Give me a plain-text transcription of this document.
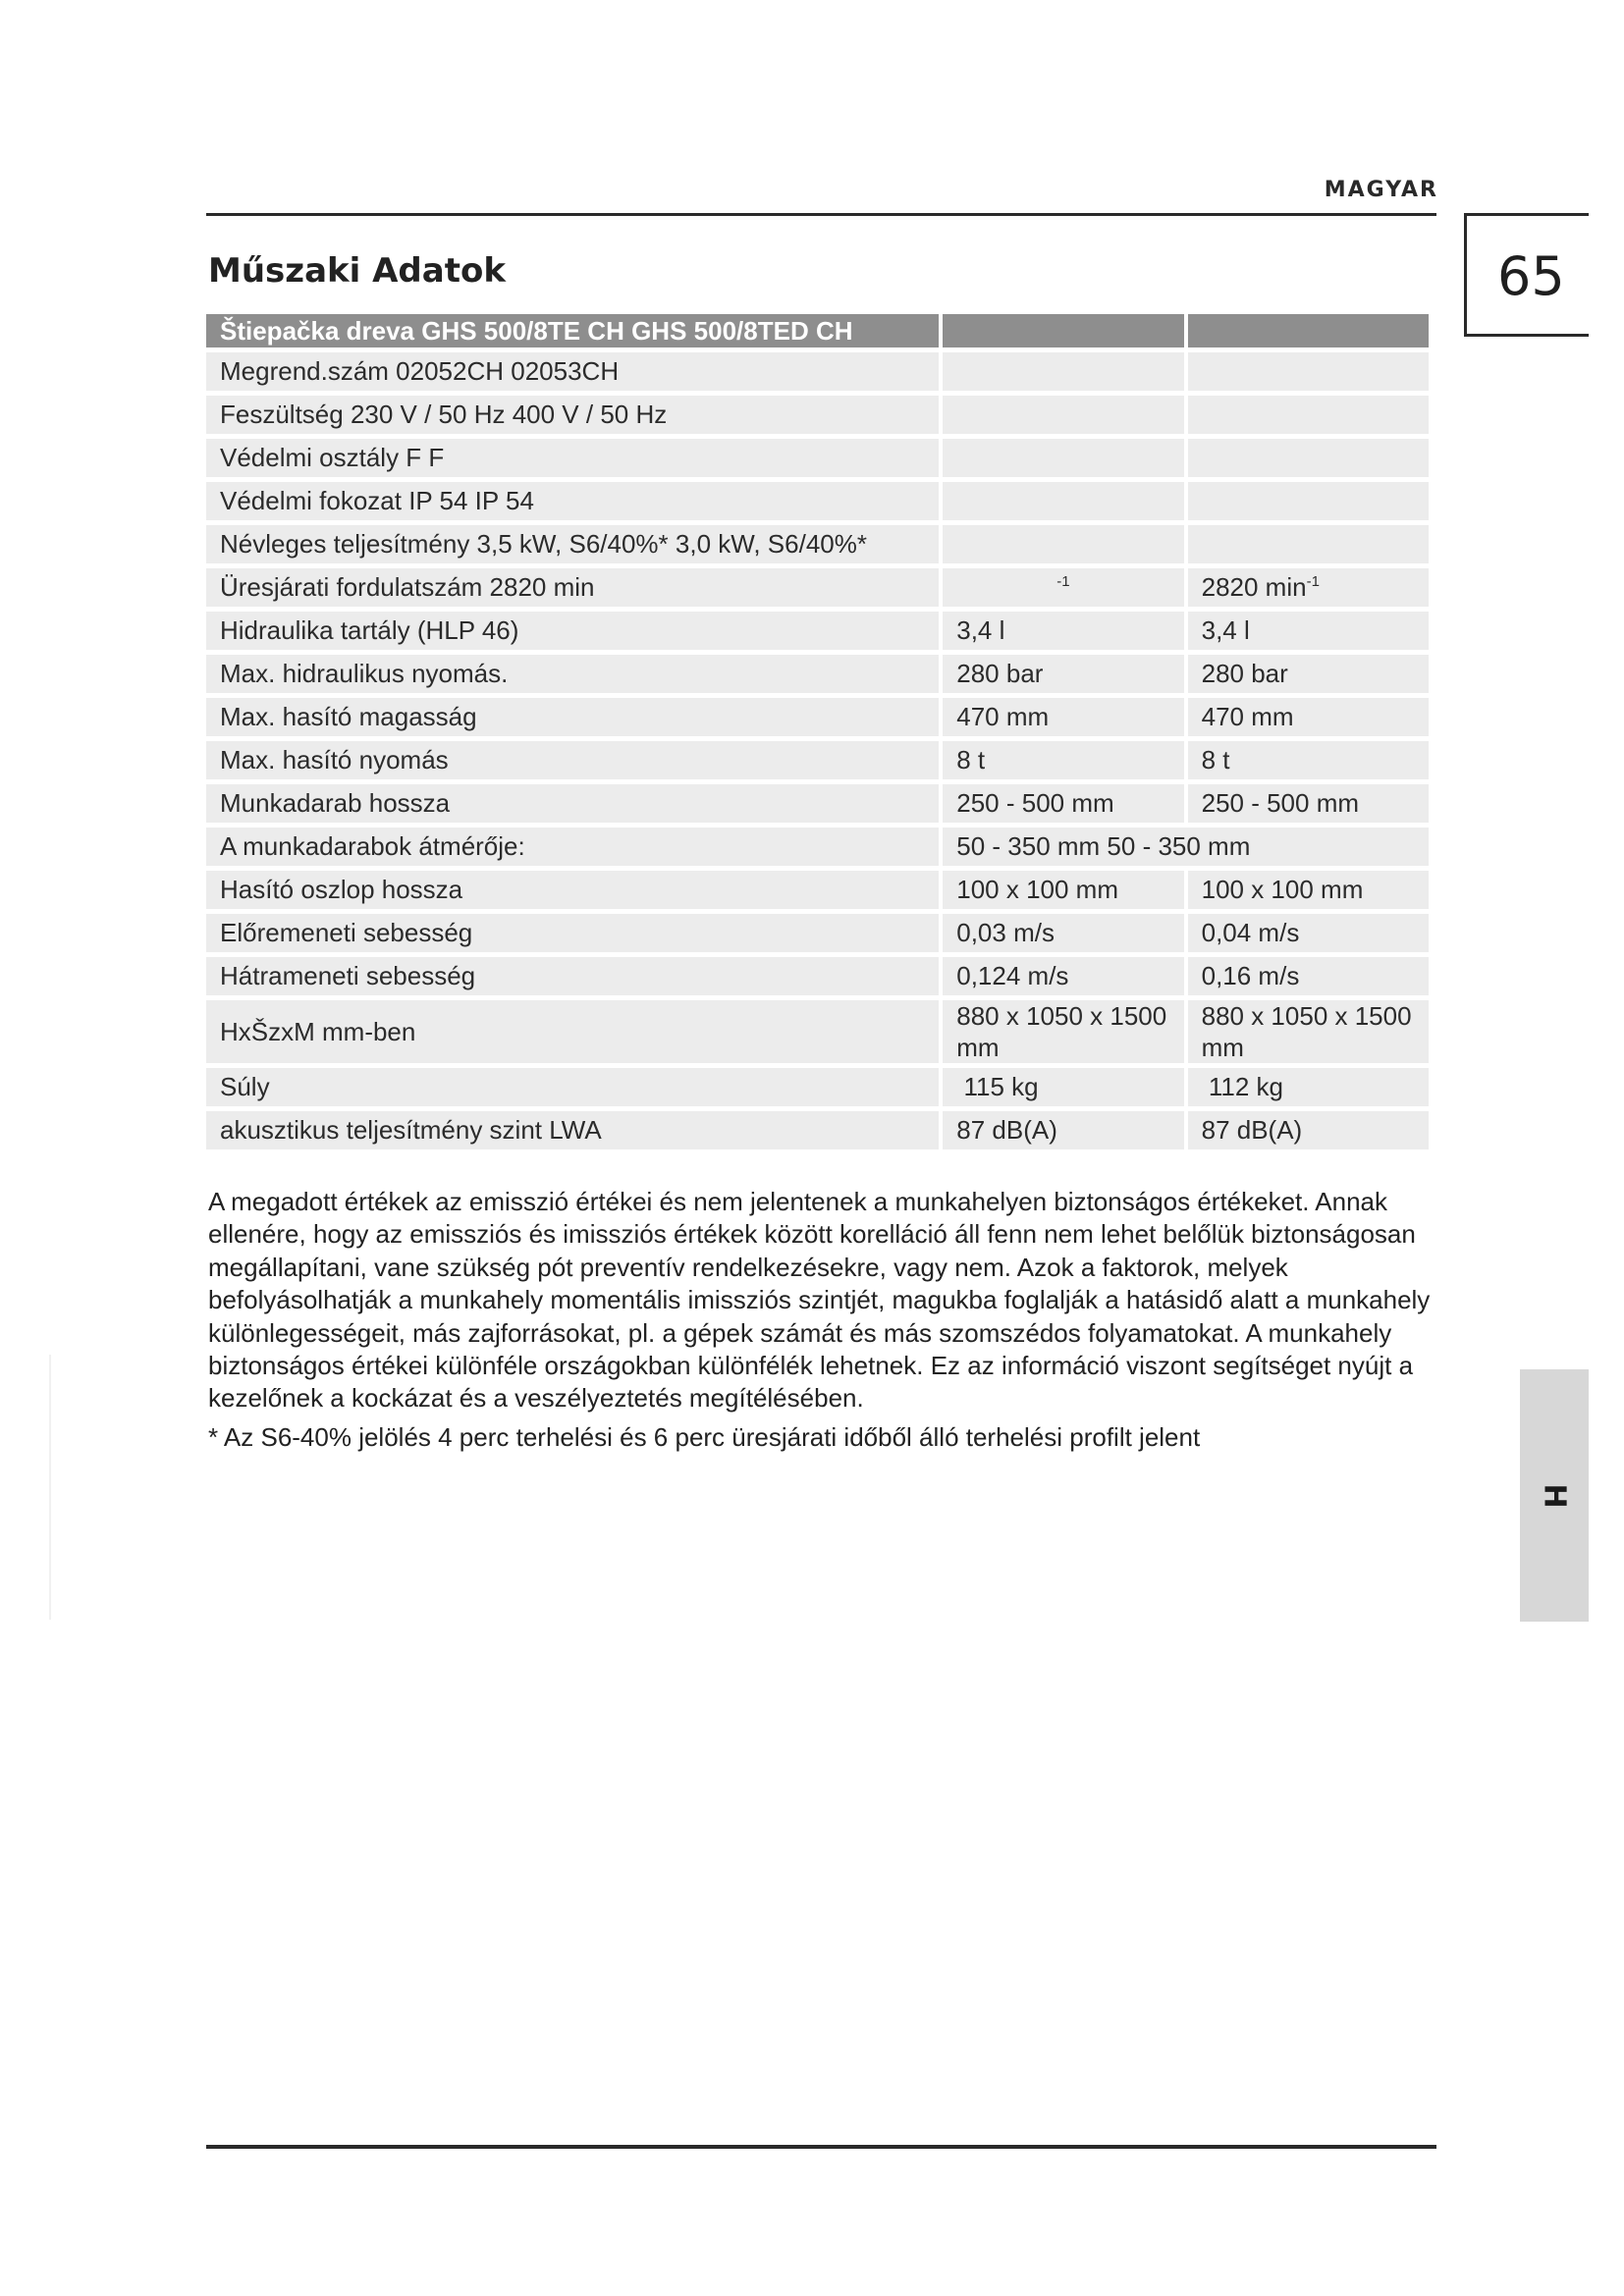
MAGYAR
65
Műszaki Adatok
Štiepačka dreva GHS 500/8TE CH GHS 500/8TED CH		
Megrend.szám 02052CH 02053CH		
Feszültség 230 V / 50 Hz 400 V / 50 Hz		
Védelmi osztály F F		
Védelmi fokozat IP 54 IP 54		
Névleges teljesítmény 3,5 kW, S6/40%* 3,0 kW, S6/40%*		
Üresjárati fordulatszám 2820 min	$^{-1}$	2820 $\min^{-1}$
Hidraulika tartály (HLP 46)	3,4 l	3,4 l
Max. hidraulikus nyomás.	280 bar	280 bar
Max. hasító magasság	470 mm	470 mm
Max. hasító nyomás	8 t	8 t
Munkadarab hossza	250 - 500 mm	250 - 500 mm
A munkadarabok átmérője:	50 - 350 mm 50 - 350 mm	
Hasító oszlop hossza	100 x 100 mm	100 x 100 mm
Előremeneti sebesség	0,03 m/s	0,04 m/s
Hátrameneti sebesség	0,124 m/s	0,16 m/s
HxŠzxM mm-ben	880 x 1050 x 1500 mm	880 x 1050 x 1500 mm
Súly	115 kg	112 kg
akusztikus teljesítmény szint LWA	87 dB(A)	87 dB(A)

A megadott értékek az emisszió értékei és nem jelentenek a munkahelyen biztonságos értékeket. Annak ellenére, hogy az emissziós és imissziós értékek között korelláció áll fenn nem lehet belőlük biztonságosan megállapítani, vane szükség pót preventív rendelkezésekre, vagy nem. Azok a faktorok, melyek befolyásolhatják a munkahely momentális imissziós szintjét, magukba foglalják a hatásidő alatt a munkahely különlegességeit, más zajforrásokat, pl. a gépek számát és más szomszédos folyamatokat. A munkahely biztonságos értékei különféle országokban különfélék lehetnek. Ez az információ viszont segítséget nyújt a kezelőnek a kockázat és a veszélyeztetés megítélésében.

* Az S6-40% jelölés 4 perc terhelési és 6 perc üresjárati időből álló terhelési profilt jelent

H
